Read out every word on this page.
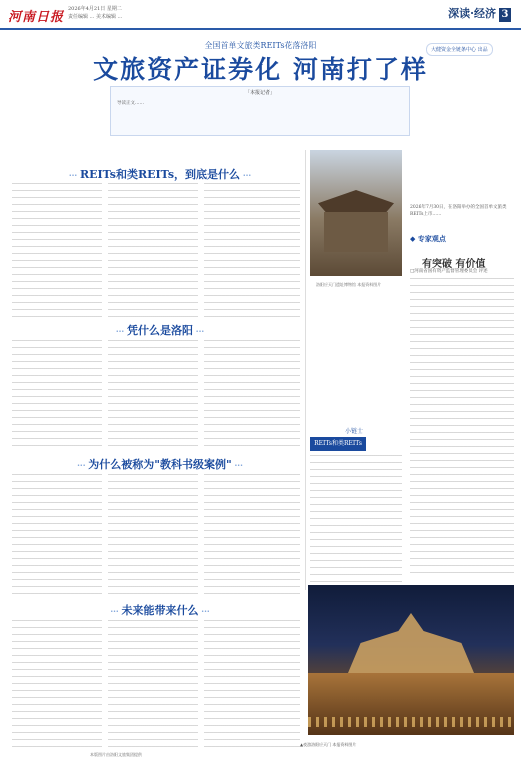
河南日报
2026年4月21日 星期二
责任编辑 ... 美术编辑 ...	深读·经济 3
大健资金全链条中心 出品
全国首单文旅类REITs花落洛阳
文旅资产证券化 河南打了样
「本报记者」
导读正文……
··· REITs和类REITs，到底是什么 ···
··· 凭什么是洛阳 ···
··· 为什么被称为"教科书级案例" ···
··· 未来能带来什么 ···
洛阳应天门遗址博物馆 本报资料图片
2026年7月30日，在洛阳举办的全国首单文旅类REITs上市……
◆ 专家观点
有突破 有价值
□河南省国有资产监督管理委员会 评述
小链士
REITs和类REITs
▲夜游洛阳应天门 本报资料图片
本版图片由洛阳文旅集团提供
